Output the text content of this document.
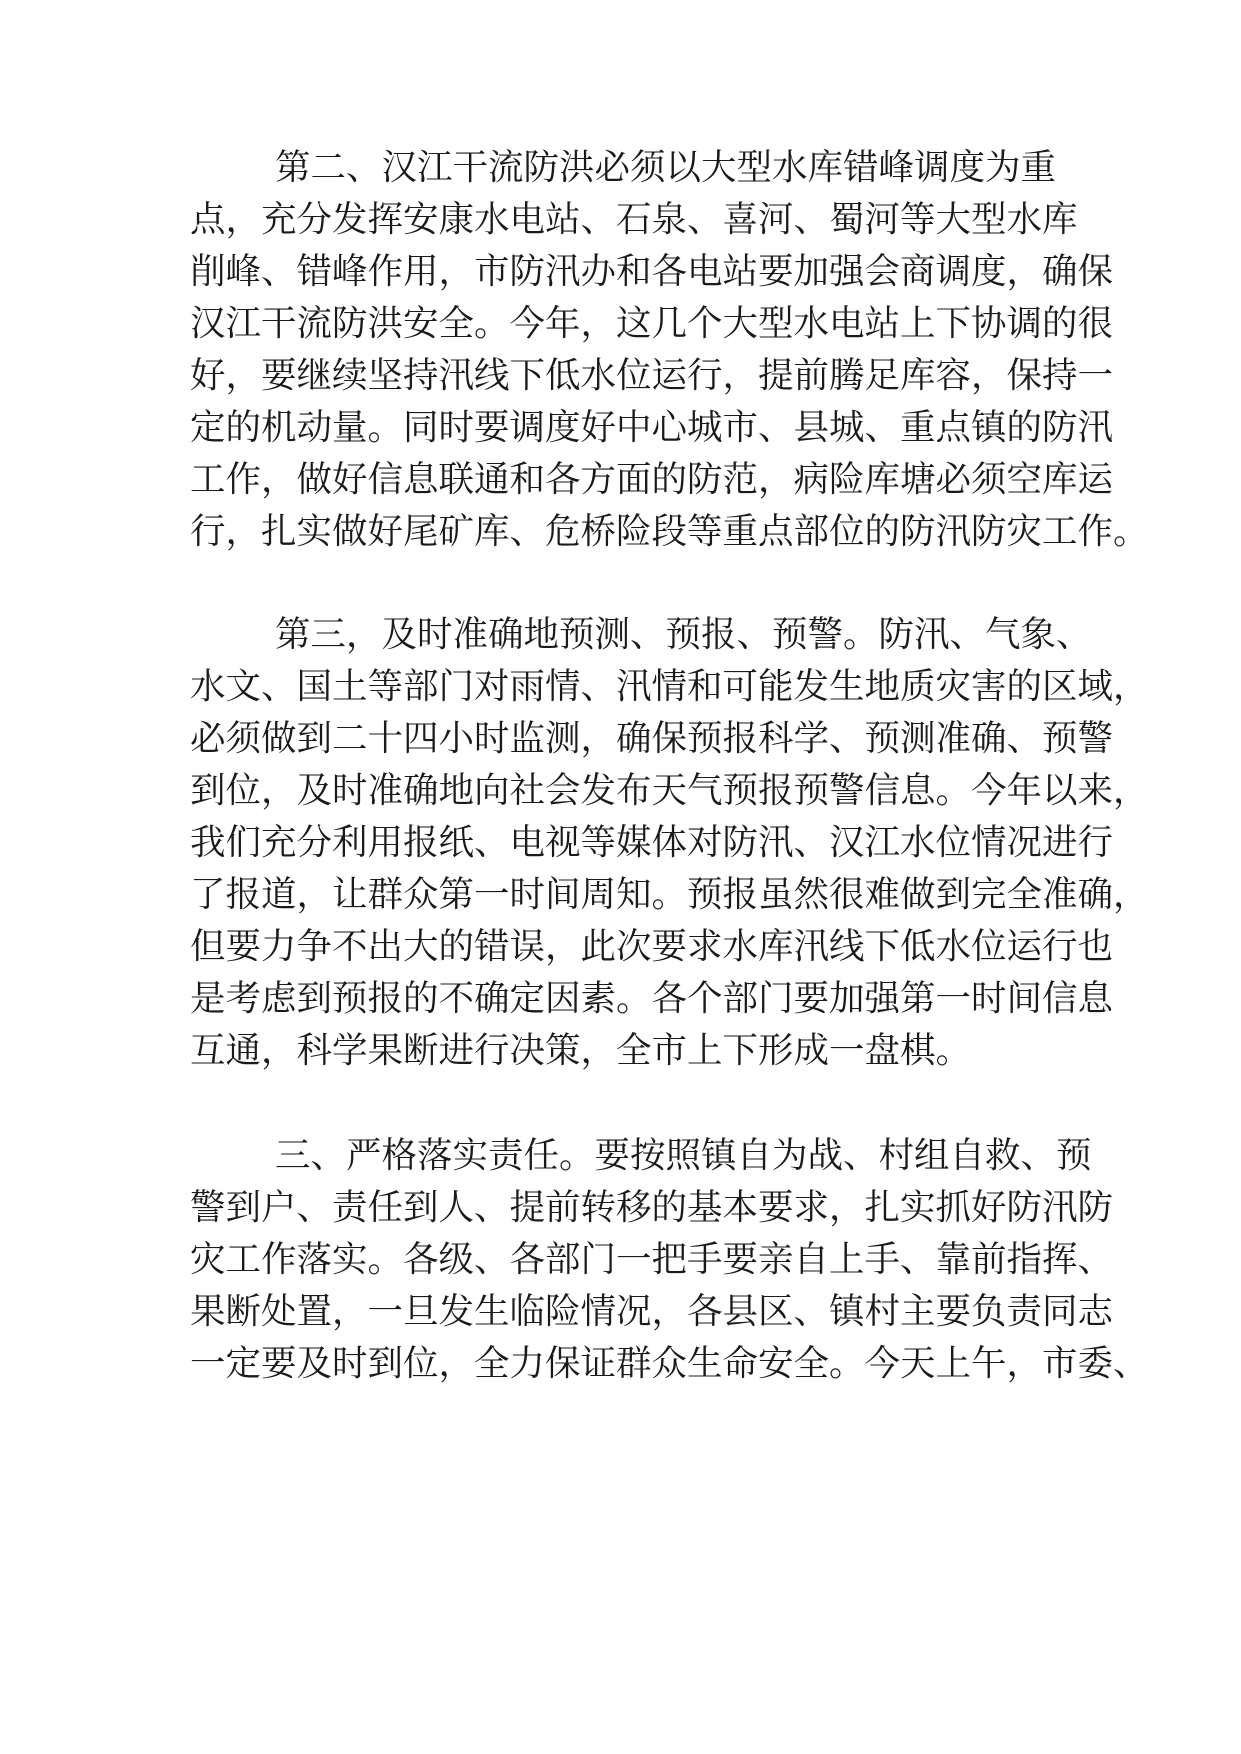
第二、汉江干流防洪必须以大型水库错峰调度为重
点，充分发挥安康水电站、石泉、喜河、蜀河等大型水库
削峰、错峰作用，市防汛办和各电站要加强会商调度，确保
汉江干流防洪安全。今年，这几个大型水电站上下协调的很
好，要继续坚持汛线下低水位运行，提前腾足库容，保持一
定的机动量。同时要调度好中心城市、县城、重点镇的防汛
工作，做好信息联通和各方面的防范，病险库塘必须空库运
行，扎实做好尾矿库、危桥险段等重点部位的防汛防灾工作。
第三，及时准确地预测、预报、预警。防汛、气象、
水文、国土等部门对雨情、汛情和可能发生地质灾害的区域，
必须做到二十四小时监测，确保预报科学、预测准确、预警
到位，及时准确地向社会发布天气预报预警信息。今年以来，
我们充分利用报纸、电视等媒体对防汛、汉江水位情况进行
了报道，让群众第一时间周知。预报虽然很难做到完全准确，
但要力争不出大的错误，此次要求水库汛线下低水位运行也
是考虑到预报的不确定因素。各个部门要加强第一时间信息
互通，科学果断进行决策，全市上下形成一盘棋。
三、严格落实责任。要按照镇自为战、村组自救、预
警到户、责任到人、提前转移的基本要求，扎实抓好防汛防
灾工作落实。各级、各部门一把手要亲自上手、靠前指挥、
果断处置，一旦发生临险情况，各县区、镇村主要负责同志
一定要及时到位，全力保证群众生命安全。今天上午，市委、
